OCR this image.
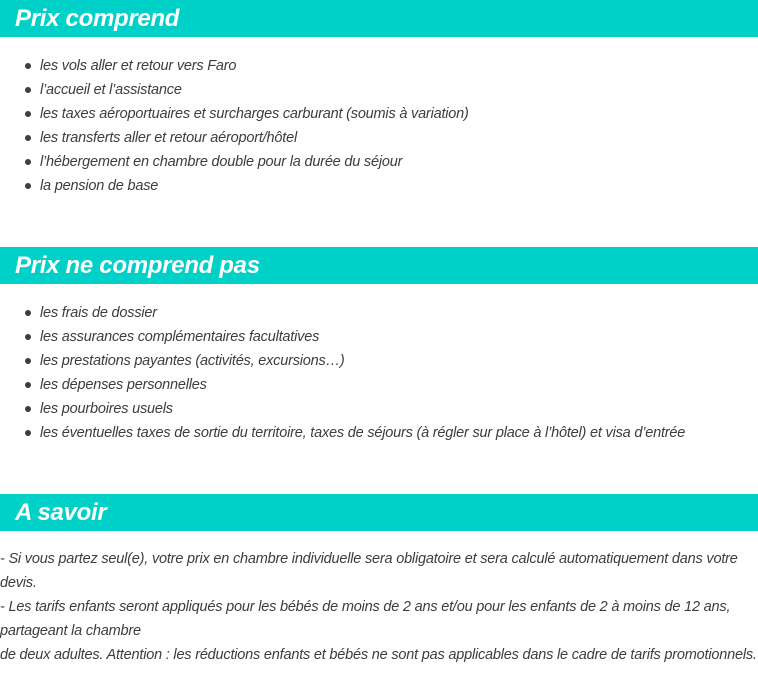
Prix comprend
les vols aller et retour vers Faro
l’accueil et l’assistance
les taxes aéroportuaires et surcharges carburant (soumis à variation)
les transferts aller et retour aéroport/hôtel
l’hébergement en chambre double pour la durée du séjour
la pension de base
Prix ne comprend pas
les frais de dossier
les assurances complémentaires facultatives
les prestations payantes (activités, excursions…)
les dépenses personnelles
les pourboires usuels
les éventuelles taxes de sortie du territoire, taxes de séjours (à régler sur place à l’hôtel) et visa d’entrée
A savoir

- Si vous partez seul(e), votre prix en chambre individuelle sera obligatoire et sera calculé automatiquement dans votre
devis.
- Les tarifs enfants seront appliqués pour les bébés de moins de 2 ans et/ou pour les enfants de 2 à moins de 12 ans,
partageant la chambre
de deux adultes. Attention : les réductions enfants et bébés ne sont pas applicables dans le cadre de tarifs promotionnels.
